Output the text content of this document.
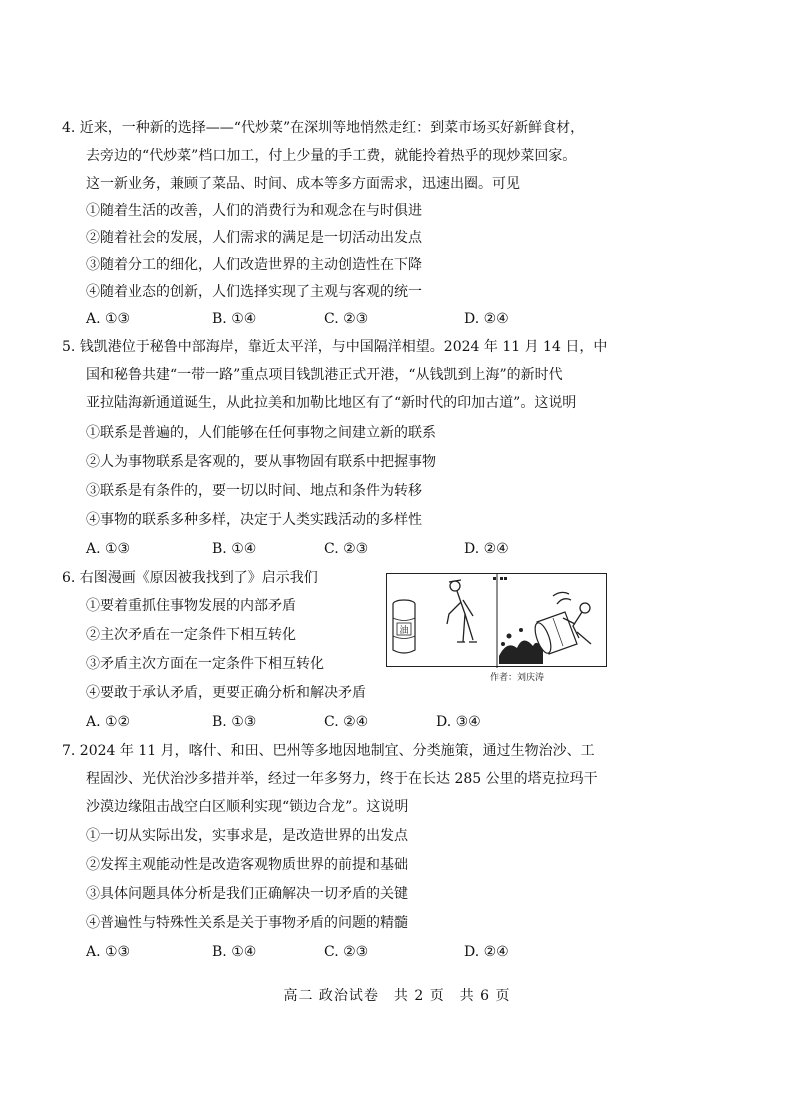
4. 近来，一种新的选择——“代炒菜”在深圳等地悄然走红：到菜市场买好新鲜食材，
去旁边的“代炒菜”档口加工，付上少量的手工费，就能拎着热乎的现炒菜回家。
这一新业务，兼顾了菜品、时间、成本等多方面需求，迅速出圈。可见
①随着生活的改善，人们的消费行为和观念在与时俱进
②随着社会的发展，人们需求的满足是一切活动出发点
③随着分工的细化，人们改造世界的主动创造性在下降
④随着业态的创新，人们选择实现了主观与客观的统一
A. ①③	B. ①④	C. ②③	D. ②④
5. 钱凯港位于秘鲁中部海岸，靠近太平洋，与中国隔洋相望。2024 年 11 月 14 日，中
国和秘鲁共建“一带一路”重点项目钱凯港正式开港，“从钱凯到上海”的新时代
亚拉陆海新通道诞生，从此拉美和加勒比地区有了“新时代的印加古道”。这说明
①联系是普遍的，人们能够在任何事物之间建立新的联系
②人为事物联系是客观的，要从事物固有联系中把握事物
③联系是有条件的，要一切以时间、地点和条件为转移
④事物的联系多种多样，决定于人类实践活动的多样性
A. ①③	B. ①④	C. ②③	D. ②④
6. 右图漫画《原因被我找到了》启示我们
①要着重抓住事物发展的内部矛盾
②主次矛盾在一定条件下相互转化
③矛盾主次方面在一定条件下相互转化
④要敢于承认矛盾，更要正确分析和解决矛盾
A. ①②	B. ①③	C. ②④	D. ③④
油
作者：刘庆涛
7. 2024 年 11 月，喀什、和田、巴州等多地因地制宜、分类施策，通过生物治沙、工
程固沙、光伏治沙多措并举，经过一年多努力，终于在长达 285 公里的塔克拉玛干
沙漠边缘阻击战空白区顺利实现“锁边合龙”。这说明
①一切从实际出发，实事求是，是改造世界的出发点
②发挥主观能动性是改造客观物质世界的前提和基础
③具体问题具体分析是我们正确解决一切矛盾的关键
④普遍性与特殊性关系是关于事物矛盾的问题的精髓
A. ①③	B. ①④	C. ②③	D. ②④
高二 政治试卷　共 2 页　共 6 页
